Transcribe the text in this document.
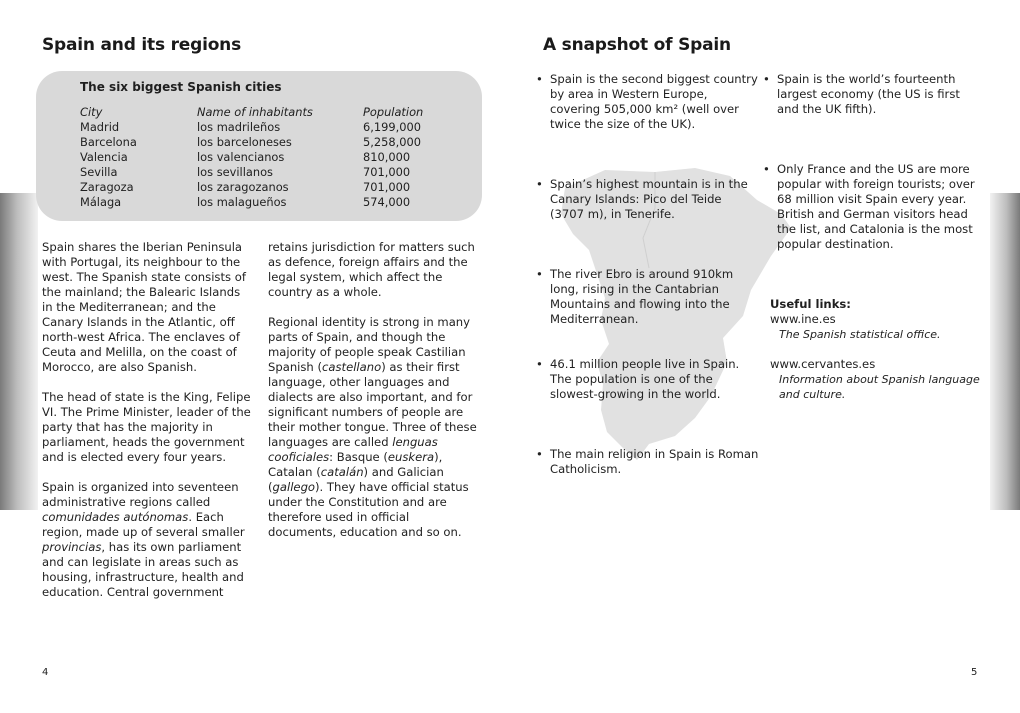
Spain and its regions
The six biggest Spanish cities
City	Name of inhabitants	Population
Madrid	los madrileños	6,199,000
Barcelona	los barceloneses	5,258,000
Valencia	los valencianos	810,000
Sevilla	los sevillanos	701,000
Zaragoza	los zaragozanos	701,000
Málaga	los malagueños	574,000

Spain shares the Iberian Peninsula with Portugal, its neighbour to the west. The Spanish state consists of the mainland; the Balearic Islands in the Mediterranean; and the Canary Islands in the Atlantic, off north-west Africa. The enclaves of Ceuta and Melilla, on the coast of Morocco, are also Spanish.

The head of state is the King, Felipe VI. The Prime Minister, leader of the party that has the majority in parliament, heads the government and is elected every four years.

Spain is organized into seventeen administrative regions called comunidades autónomas. Each region, made up of several smaller provincias, has its own parliament and can legislate in areas such as housing, infrastructure, health and education. Central government

retains jurisdiction for matters such as defence, foreign affairs and the legal system, which affect the country as a whole.

Regional identity is strong in many parts of Spain, and though the majority of people speak Castilian Spanish (castellano) as their first language, other languages and dialects are also important, and for significant numbers of people are their mother tongue. Three of these languages are called lenguas cooficiales: Basque (euskera), Catalan (catalán) and Galician (gallego). They have official status under the Constitution and are therefore used in official documents, education and so on.

4
A snapshot of Spain
• Spain is the second biggest country by area in Western Europe, covering 505,000 km² (well over twice the size of the UK).
• Spain’s highest mountain is in the Canary Islands: Pico del Teide (3707 m), in Tenerife.
• The river Ebro is around 910km long, rising in the Cantabrian Mountains and flowing into the Mediterranean.
• 46.1 million people live in Spain. The population is one of the slowest-growing in the world.
• The main religion in Spain is Roman Catholicism.
• Spain is the world’s fourteenth largest economy (the US is first and the UK fifth).
• Only France and the US are more popular with foreign tourists; over 68 million visit Spain every year. British and German visitors head the list, and Catalonia is the most popular destination.
Useful links:
www.ine.es
The Spanish statistical office.
www.cervantes.es
Information about Spanish language and culture.
5
